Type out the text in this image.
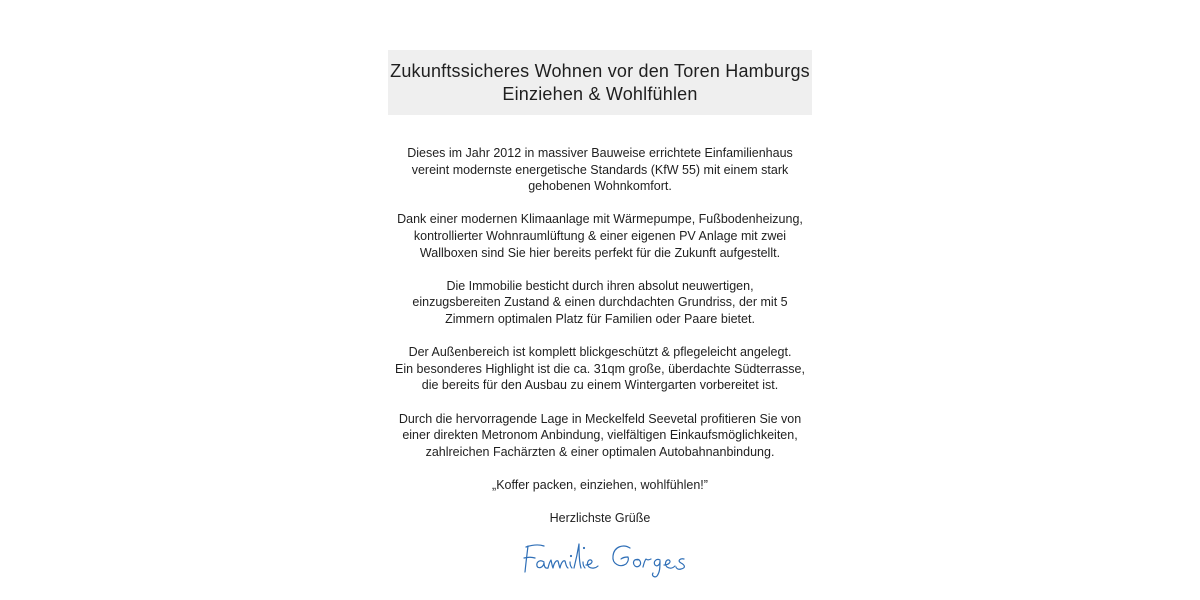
Zukunftssicheres Wohnen vor den Toren Hamburgs
Einziehen & Wohlfühlen
Dieses im Jahr 2012 in massiver Bauweise errichtete Einfamilienhaus
vereint modernste energetische Standards (KfW 55) mit einem stark
gehobenen Wohnkomfort.
Dank einer modernen Klimaanlage mit Wärmepumpe, Fußbodenheizung,
kontrollierter Wohnraumlüftung & einer eigenen PV Anlage mit zwei
Wallboxen sind Sie hier bereits perfekt für die Zukunft aufgestellt.
Die Immobilie besticht durch ihren absolut neuwertigen,
einzugsbereiten Zustand & einen durchdachten Grundriss, der mit 5
Zimmern optimalen Platz für Familien oder Paare bietet.
Der Außenbereich ist komplett blickgeschützt & pflegeleicht angelegt.
Ein besonderes Highlight ist die ca. 31qm große, überdachte Südterrasse,
die bereits für den Ausbau zu einem Wintergarten vorbereitet ist.
Durch die hervorragende Lage in Meckelfeld Seevetal profitieren Sie von
einer direkten Metronom Anbindung, vielfältigen Einkaufsmöglichkeiten,
zahlreichen Fachärzten & einer optimalen Autobahnanbindung.
„Koffer packen, einziehen, wohlfühlen!”
Herzlichste Grüße
